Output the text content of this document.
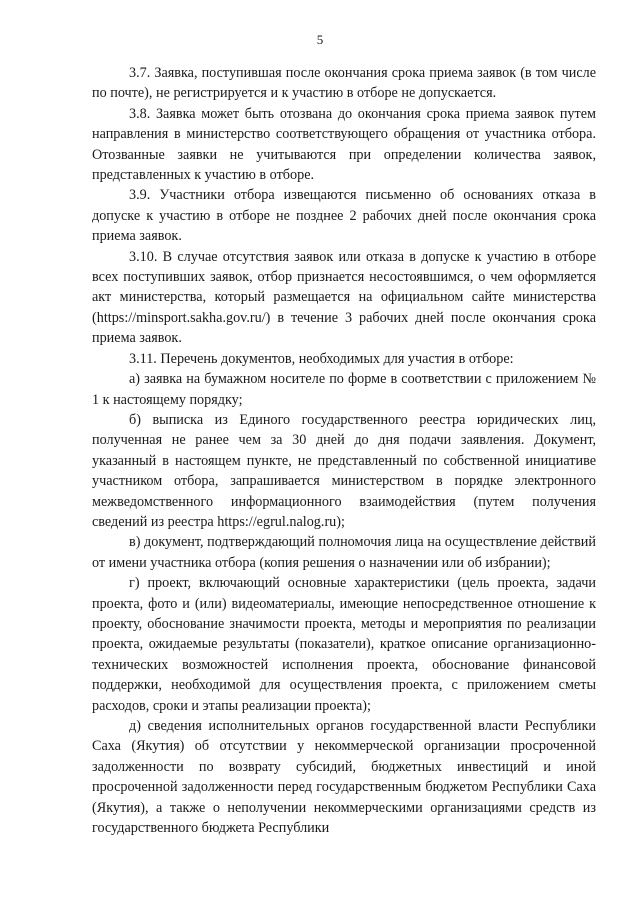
5

3.7. Заявка, поступившая после окончания срока приема заявок (в том числе по почте), не регистрируется и к участию в отборе не допускается.

3.8. Заявка может быть отозвана до окончания срока приема заявок путем направления в министерство соответствующего обращения от участника отбора. Отозванные заявки не учитываются при определении количества заявок, представленных к участию в отборе.

3.9. Участники отбора извещаются письменно об основаниях отказа в допуске к участию в отборе не позднее 2 рабочих дней после окончания срока приема заявок.

3.10. В случае отсутствия заявок или отказа в допуске к участию в отборе всех поступивших заявок, отбор признается несостоявшимся, о чем оформляется акт министерства, который размещается на официальном сайте министерства (https://minsport.sakha.gov.ru/) в течение 3 рабочих дней после окончания срока приема заявок.

3.11. Перечень документов, необходимых для участия в отборе:

а) заявка на бумажном носителе по форме в соответствии с приложением № 1 к настоящему порядку;

б) выписка из Единого государственного реестра юридических лиц, полученная не ранее чем за 30 дней до дня подачи заявления. Документ, указанный в настоящем пункте, не представленный по собственной инициативе участником отбора, запрашивается министерством в порядке электронного межведомственного информационного взаимодействия (путем получения сведений из реестра https://egrul.nalog.ru);

в) документ, подтверждающий полномочия лица на осуществление действий от имени участника отбора (копия решения о назначении или об избрании);

г) проект, включающий основные характеристики (цель проекта, задачи проекта, фото и (или) видеоматериалы, имеющие непосредственное отношение к проекту, обоснование значимости проекта, методы и мероприятия по реализации проекта, ожидаемые результаты (показатели), краткое описание организационно-технических возможностей исполнения проекта, обоснование финансовой поддержки, необходимой для осуществления проекта, с приложением сметы расходов, сроки и этапы реализации проекта);

д) сведения исполнительных органов государственной власти Республики Саха (Якутия) об отсутствии у некоммерческой организации просроченной задолженности по возврату субсидий, бюджетных инвестиций и иной просроченной задолженности перед государственным бюджетом Республики Саха (Якутия), а также о неполучении некоммерческими организациями средств из государственного бюджета Республики
